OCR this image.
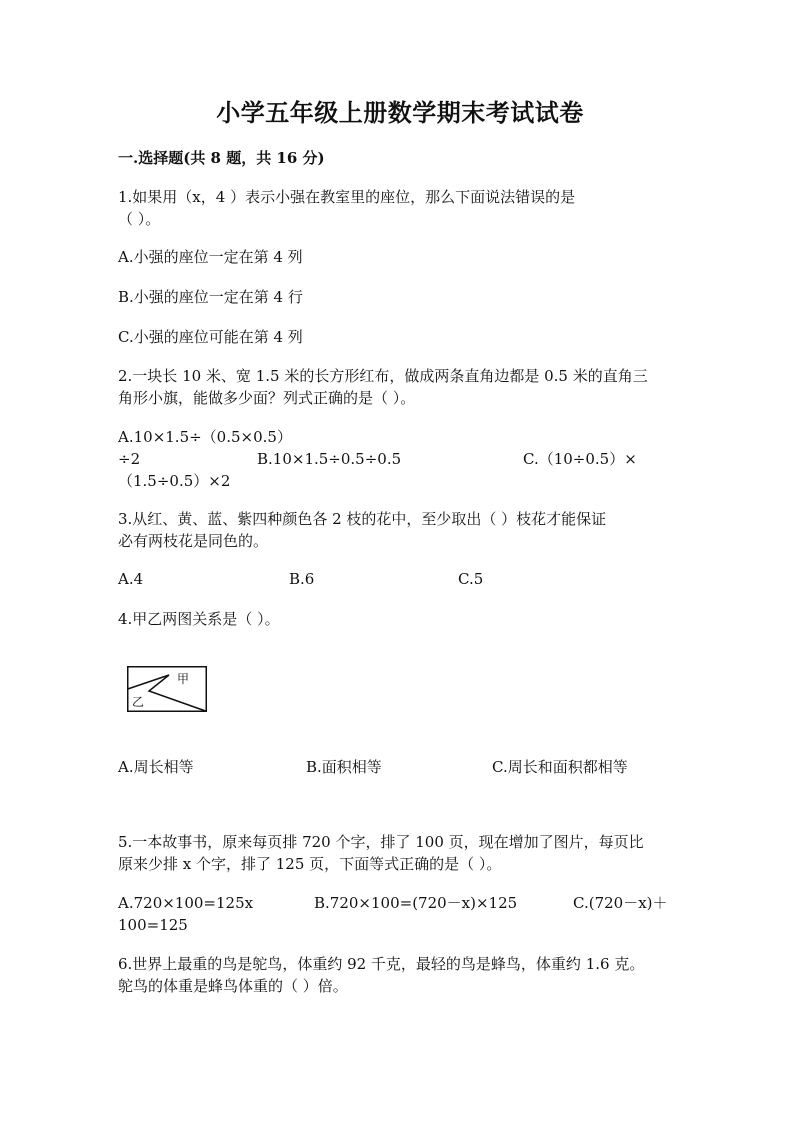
小学五年级上册数学期末考试试卷
一.选择题(共 8 题，共 16 分)
1.如果用（x，4 ）表示小强在教室里的座位，那么下面说法错误的是
（ ）。
A.小强的座位一定在第 4 列
B.小强的座位一定在第 4 行
C.小强的座位可能在第 4 列
2.一块长 10 米、宽 1.5 米的长方形红布，做成两条直角边都是 0.5 米的直角三
角形小旗，能做多少面？列式正确的是（ ）。
A.10×1.5÷（0.5×0.5）
÷2	B.10×1.5÷0.5÷0.5	C.（10÷0.5）×
（1.5÷0.5）×2
3.从红、黄、蓝、紫四种颜色各 2 枝的花中，至少取出（ ）枝花才能保证
必有两枝花是同色的。
A.4	B.6	C.5
4.甲乙两图关系是（ ）。
甲
乙
A.周长相等	B.面积相等	C.周长和面积都相等
5.一本故事书，原来每页排 720 个字，排了 100 页，现在增加了图片，每页比
原来少排 x 个字，排了 125 页，下面等式正确的是（ ）。
A.720×100=125x	B.720×100=(720－x)×125	C.(720－x)＋
100=125
6.世界上最重的鸟是鸵鸟，体重约 92 千克，最轻的鸟是蜂鸟，体重约 1.6 克。
鸵鸟的体重是蜂鸟体重的（ ）倍。
